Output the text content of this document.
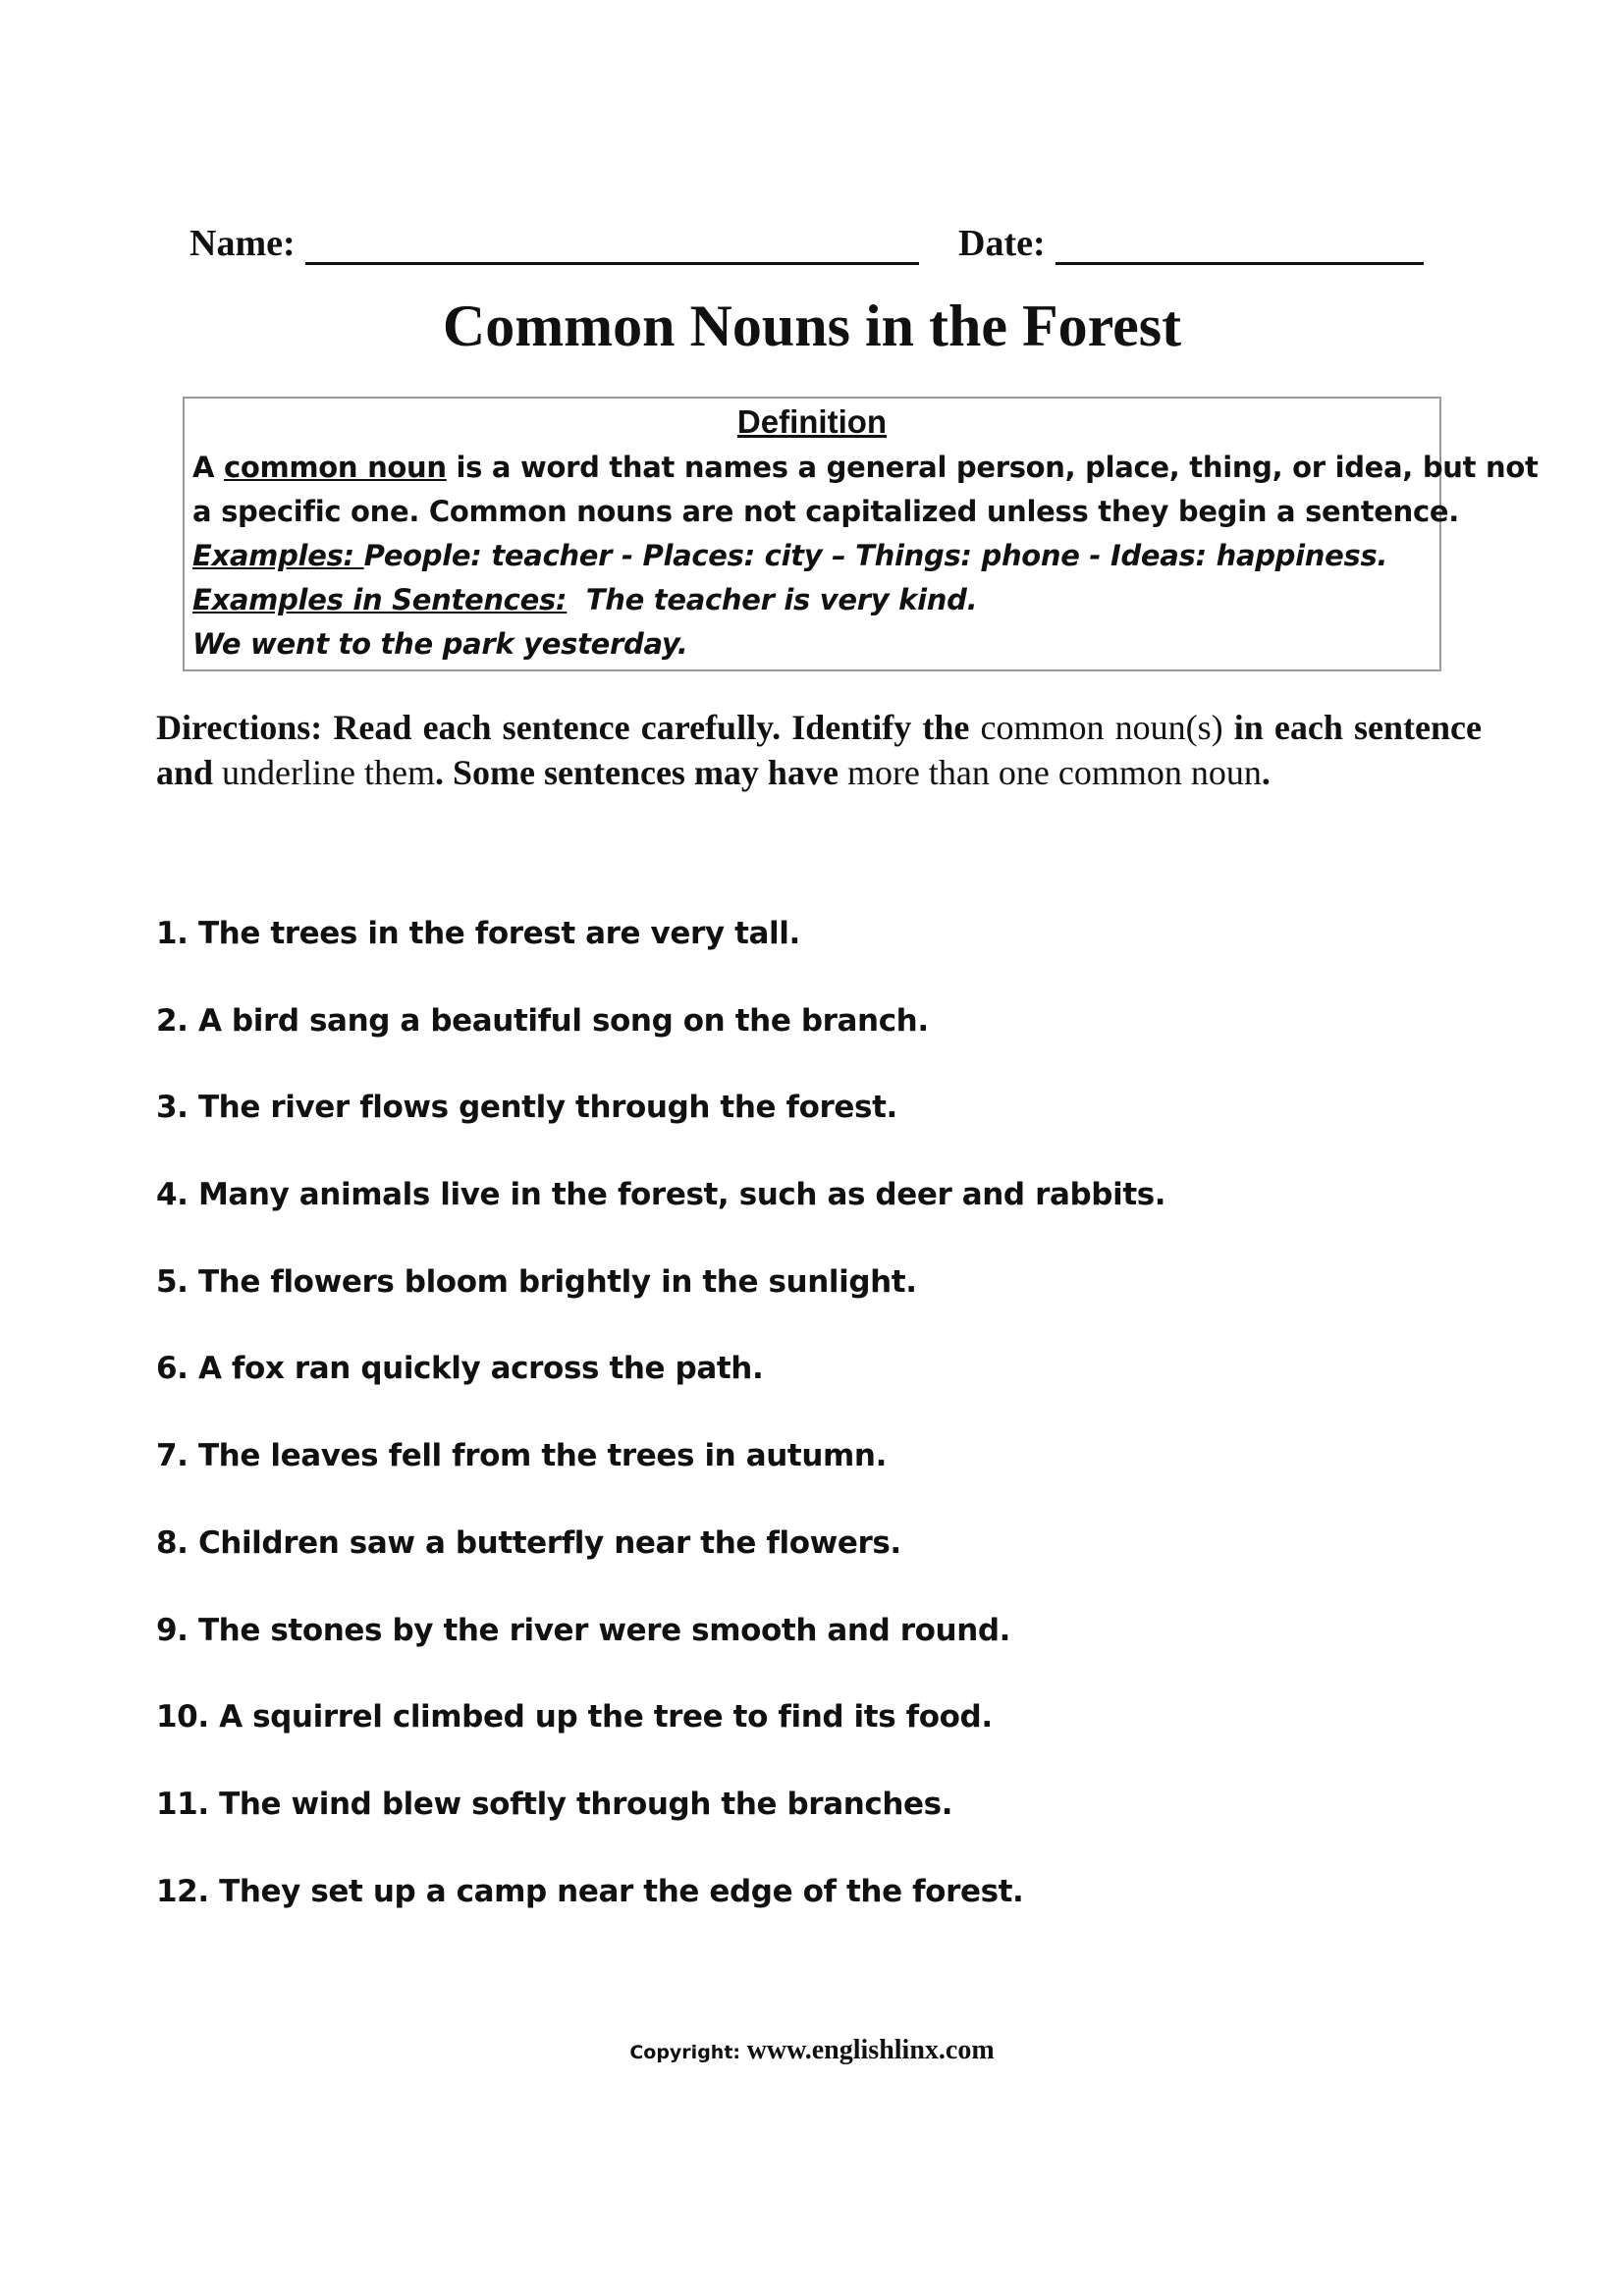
Name:	Date:
Common Nouns in the Forest
Definition
A common noun is a word that names a general person, place, thing, or idea, but not
a specific one. Common nouns are not capitalized unless they begin a sentence.
Examples: People: teacher - Places: city – Things: phone - Ideas: happiness.
Examples in Sentences:  The teacher is very kind.
We went to the park yesterday.
Directions: Read each sentence carefully. Identify the common noun(s) in each sentence and underline them. Some sentences may have more than one common noun.
1. The trees in the forest are very tall.
2. A bird sang a beautiful song on the branch.
3. The river flows gently through the forest.
4. Many animals live in the forest, such as deer and rabbits.
5. The flowers bloom brightly in the sunlight.
6. A fox ran quickly across the path.
7. The leaves fell from the trees in autumn.
8. Children saw a butterfly near the flowers.
9. The stones by the river were smooth and round.
10. A squirrel climbed up the tree to find its food.
11. The wind blew softly through the branches.
12. They set up a camp near the edge of the forest.
Copyright: www.englishlinx.com
